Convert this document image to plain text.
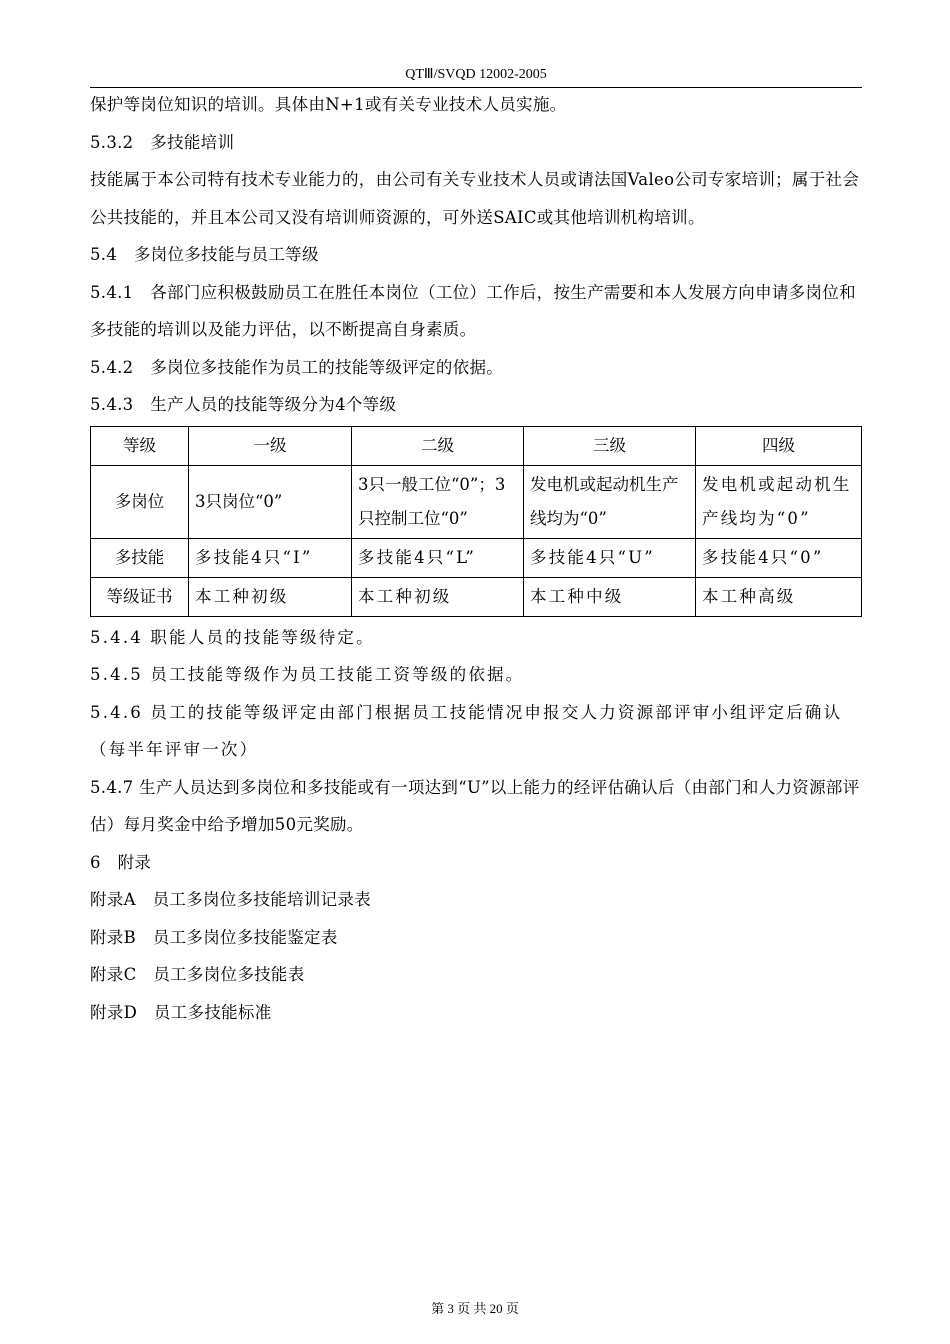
QTⅢ/SVQD 12002-2005
保护等岗位知识的培训。具体由N+1或有关专业技术人员实施。
5.3.2　多技能培训
技能属于本公司特有技术专业能力的，由公司有关专业技术人员或请法国Valeo公司专家培训；属于社会公共技能的，并且本公司又没有培训师资源的，可外送SAIC或其他培训机构培训。
5.4　多岗位多技能与员工等级
5.4.1　各部门应积极鼓励员工在胜任本岗位（工位）工作后，按生产需要和本人发展方向申请多岗位和多技能的培训以及能力评估，以不断提高自身素质。
5.4.2　多岗位多技能作为员工的技能等级评定的依据。
5.4.3　生产人员的技能等级分为4个等级
等级	一级	二级	三级	四级
多岗位	3只岗位“0”	3只一般工位“0”；3只控制工位“0”	发电机或起动机生产线均为“0”	发电机或起动机生产线均为“0”
多技能	多技能4只“I”	多技能4只“L”	多技能4只“U”	多技能4只“0”
等级证书	本工种初级	本工种初级	本工种中级	本工种高级
5.4.4 职能人员的技能等级待定。
5.4.5 员工技能等级作为员工技能工资等级的依据。
5.4.6 员工的技能等级评定由部门根据员工技能情况申报交人力资源部评审小组评定后确认（每半年评审一次）
5.4.7 生产人员达到多岗位和多技能或有一项达到“U”以上能力的经评估确认后（由部门和人力资源部评估）每月奖金中给予增加50元奖励。
6　附录
附录A　员工多岗位多技能培训记录表
附录B　员工多岗位多技能鉴定表
附录C　员工多岗位多技能表
附录D　员工多技能标准
第 3 页 共 20 页
